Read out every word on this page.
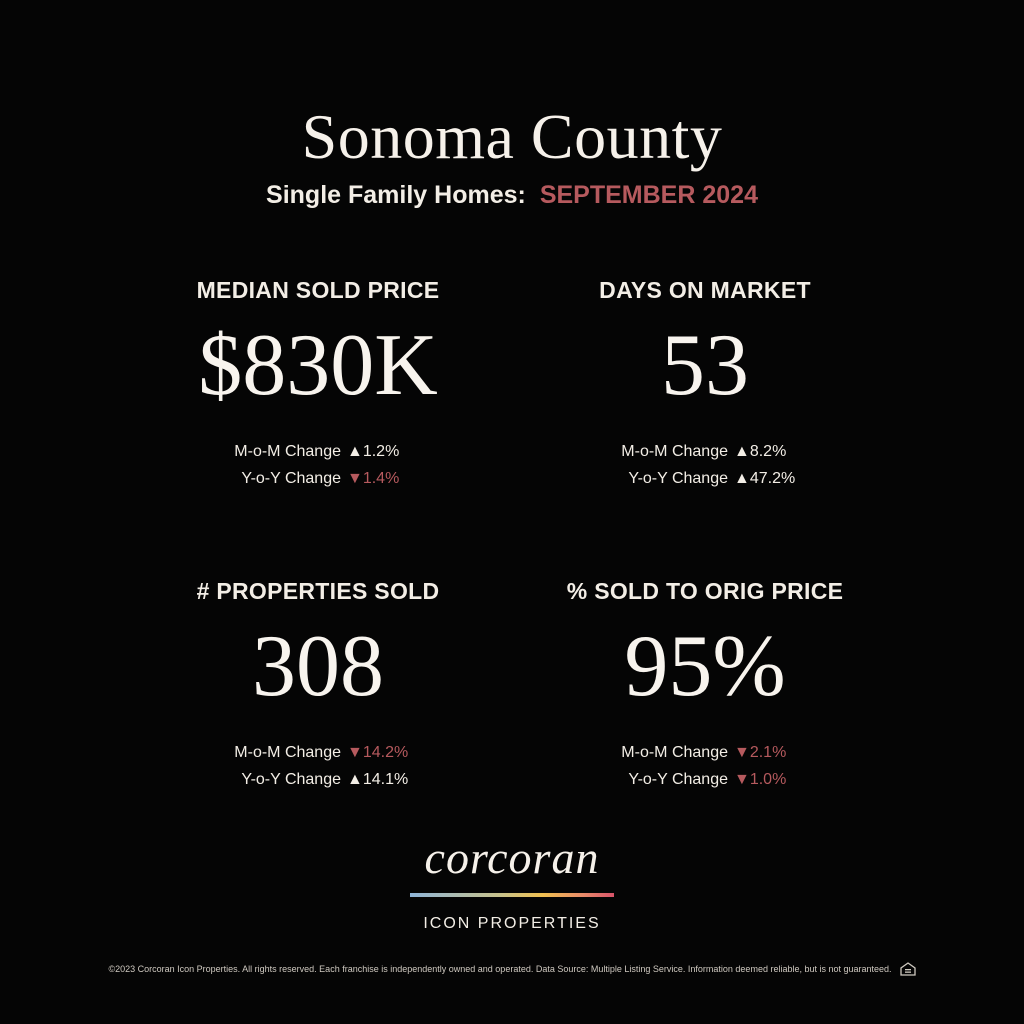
Sonoma County
Single Family Homes: SEPTEMBER 2024
MEDIAN SOLD PRICE
$830K
M-o-M Change ▲1.2%
Y-o-Y Change ▼1.4%
DAYS ON MARKET
53
M-o-M Change ▲8.2%
Y-o-Y Change ▲47.2%
# PROPERTIES SOLD
308
M-o-M Change ▼14.2%
Y-o-Y Change ▲14.1%
% SOLD TO ORIG PRICE
95%
M-o-M Change ▼2.1%
Y-o-Y Change ▼1.0%
corcoran
ICON PROPERTIES
©2023 Corcoran Icon Properties. All rights reserved. Each franchise is independently owned and operated. Data Source: Multiple Listing Service. Information deemed reliable, but is not guaranteed.
